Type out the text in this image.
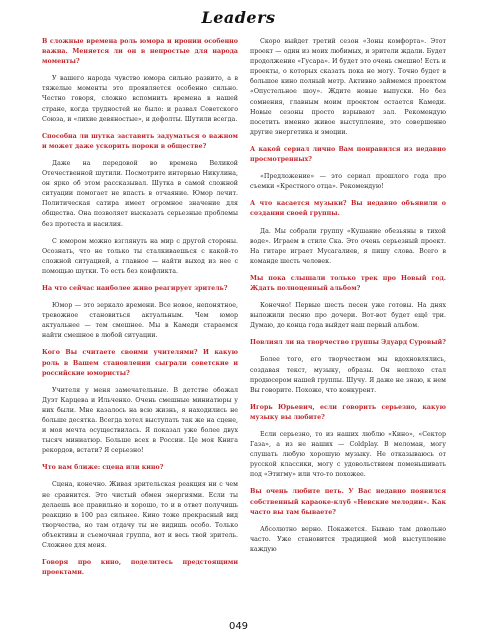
Leaders

В сложные времена роль юмора и иронии особенно важна. Меняется ли он в непростые для народа моменты?

У вашего народа чувство юмора сильно развито, а в тяжелые моменты это проявляется особенно сильно. Честно говоря, сложно вспомнить времена в нашей стране, когда трудностей не было: и развал Советского Союза, и «лихие девяностые», и дефолты. Шутили всегда.

Способна ли шутка заставить задуматься о важном и может даже ускорить пороки в обществе?

Даже на передовой во времена Великой Отечественной шутили. Посмотрите интервью Никулина, он ярко об этом рассказывал. Шутка в самой сложной ситуации помогает не впасть в отчаяние. Юмор лечит. Политическая сатира имеет огромное значение для общества. Она позволяет высказать серьезные проблемы без протеста и насилия.

С юмором можно взглянуть на мир с другой стороны. Осознать, что не только ты сталкиваешься с какой-то сложной ситуацией, а главное — найти выход из нее с помощью шутки. То есть без конфликта.

На что сейчас наиболее живо реагирует зритель?

Юмор — это зеркало времени. Все новое, непонятное, тревожное становиться актуальным. Чем юмор актуальнее — тем смешнее. Мы в Камеди стараемся найти смешное в любой ситуации.

Кого Вы считаете своими учителями? И какую роль в Вашем становлении сыграли советские и российские юмористы?

Учителя у меня замечательные. В детстве обожал Дуэт Карцева и Ильченко. Очень смешные миниатюры у них были. Мне казалось на всю жизнь, я находились не больше десятка. Всегда хотел выступать так же на сцене, и моя мечта осуществилась. Я показал уже более двух тысяч миниатюр. Больше всех в России. Це моя Книга рекордов, встати? Я серьезно!

Что вам ближе: сцена или кино?

Сцена, конечно. Живая зрительская реакция ни с чем не сравнится. Это чистый обмен энергиями. Если ты делаешь все правильно и хорошо, то и в ответ получишь реакцию в 100 раз сильнее. Кино тоже прекрасный вид творчества, но там отдачу ты не видишь особо. Только объективы и съемочная группа, вот и весь твой зритель. Сложнее для меня.

Говоря про кино, поделитесь предстоящими проектами.

Скоро выйдет третий сезон «Зоны комфорта». Этот проект — один из моих любимых, и зрители ждали. Будет продолжение «Гусара». И будет это очень смешно! Есть и проекты, о которых сказать пока не могу. Точно будет в большое кино полный метр. Активно займемся проектом «Опустельное шоу». Ждите новые выпуски. Но без сомнения, главным моим проектом остается Камеди. Новые сезоны просто взрывают зал. Рекомендую посетить именно живое выступление, это совершенно другие энергетика и эмоции.

А какой сериал лично Вам понравился из недавно просмотренных?

«Предложение» — это сериал прошлого года про съемки «Крестного отца». Рекомендую!

А что касается музыки? Вы недавно объявили о создании своей группы.

Да. Мы собрали группу «Кушание обезьяны в тихой воде». Играем в стиле Ска. Это очень серьезный проект. На гитаре играет Мусагалиев, я пишу слова. Всего в команде шесть человек.

Мы пока слышали только трек про Новый год. Ждать полноценный альбом?

Конечно! Первые шесть песен уже готовы. На днях выложили песню про дочери. Вот-вот будет ещё три. Думаю, до конца года выйдет наш первый альбом.

Повлиял ли на творчество группы Эдуард Суровый?

Более того, его творчеством мы вдохновлялись, создавая текст, музыку, образы. Он неплохо стал продюсером нашей группы. Шучу. Я даже не знаю, к нем Вы говорите. Похоже, что конкурент.

Игорь Юрьевич, если говорить серьезно, какую музыку вы любите?

Если серьезно, то из наших люблю «Кино», «Сектор Газа», а из не наших — Coldplay. В меломан, могу слушать любую хорошую музыку. Не отказываюсь от русской классики, могу с удовольствием поменьшивать под «Этигму» или что-то похожее.

Вы очень любите петь. У Вас недавно появился собственный караоке-клуб «Невские мелодии». Как часто вы там бываете?

Абсолютно верно. Покажется. Бываю там довольно часто. Уже становится традицией мой выступление каждую

049
